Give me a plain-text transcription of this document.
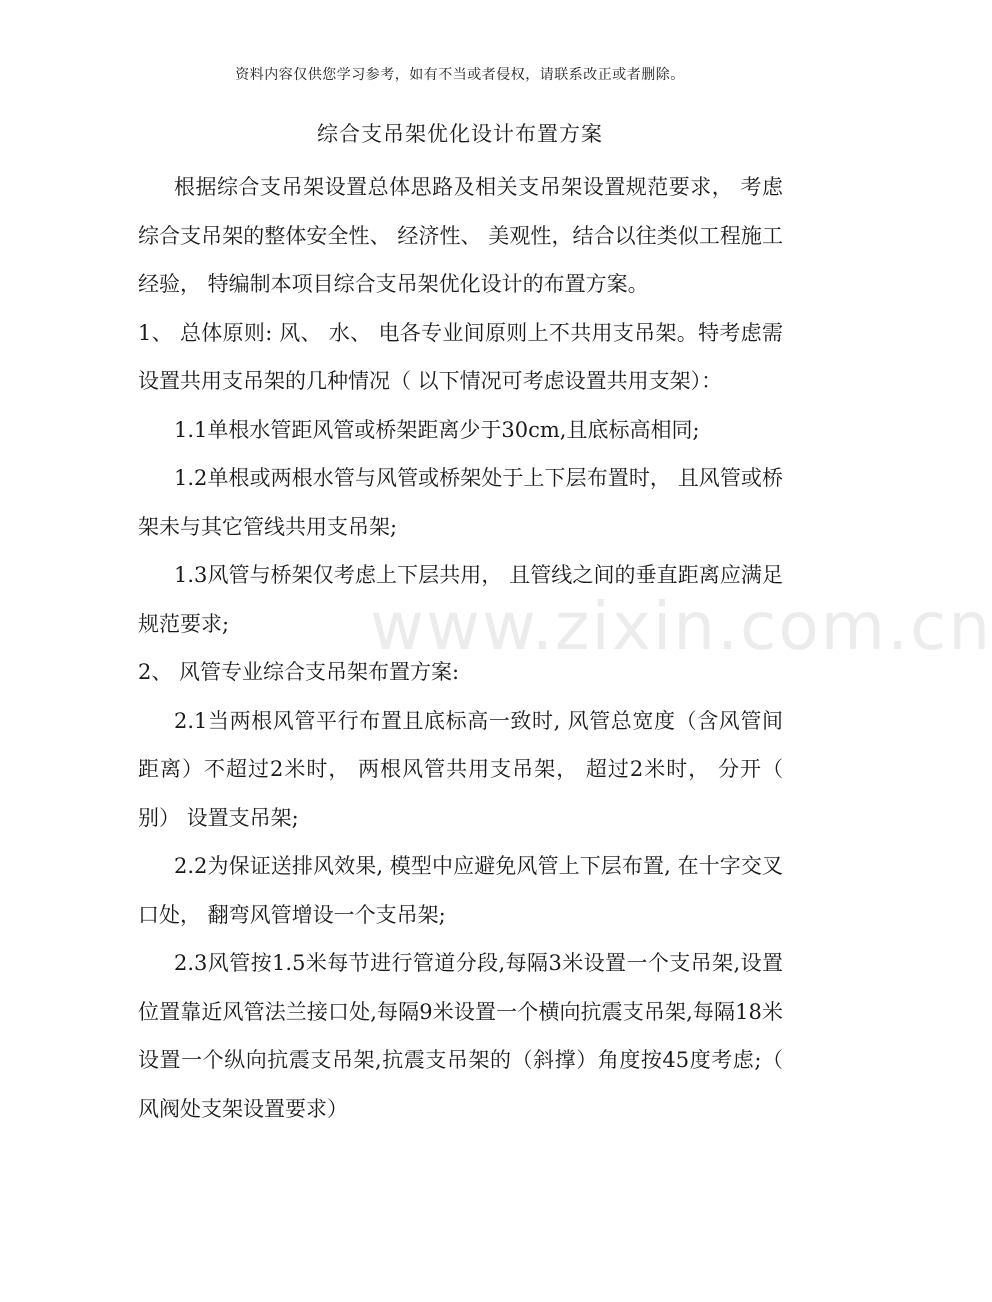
www.zixin.com.cn
资料内容仅供您学习参考，如有不当或者侵权，请联系改正或者删除。
综合支吊架优化设计布置方案

根据综合支吊架设置总体思路及相关支吊架设置规范要求， 考虑综合支吊架的整体安全性、 经济性、 美观性，结合以往类似工程施工经验， 特编制本项目综合支吊架优化设计的布置方案。

1、 总体原则: 风、 水、 电各专业间原则上不共用支吊架。特考虑需设置共用支吊架的几种情况（ 以下情况可考虑设置共用支架）：

1.1单根水管距风管或桥架距离少于30cm,且底标高相同;

1.2单根或两根水管与风管或桥架处于上下层布置时， 且风管或桥架未与其它管线共用支吊架;

1.3风管与桥架仅考虑上下层共用， 且管线之间的垂直距离应满足规范要求;

2、 风管专业综合支吊架布置方案:

2.1当两根风管平行布置且底标高一致时, 风管总宽度（含风管间距离）不超过2米时， 两根风管共用支吊架， 超过2米时， 分开（ 别） 设置支吊架;

2.2为保证送排风效果, 模型中应避免风管上下层布置, 在十字交叉口处， 翻弯风管增设一个支吊架;

2.3风管按1.5米每节进行管道分段,每隔3米设置一个支吊架,设置位置靠近风管法兰接口处,每隔9米设置一个横向抗震支吊架,每隔18米设置一个纵向抗震支吊架,抗震支吊架的（斜撑）角度按45度考虑;（ 风阀处支架设置要求）
